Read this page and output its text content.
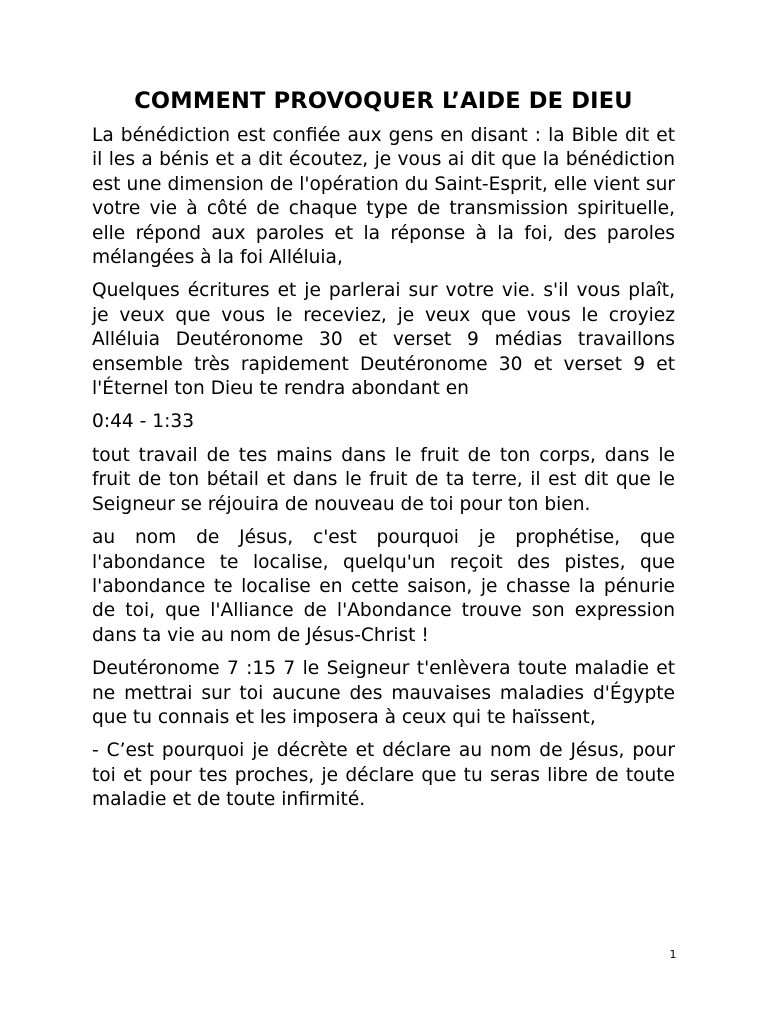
COMMENT PROVOQUER L’AIDE DE DIEU

La bénédiction est confiée aux gens en disant : la Bible dit et il les a bénis et a dit écoutez, je vous ai dit que la bénédiction est une dimension de l'opération du Saint-Esprit, elle vient sur votre vie à côté de chaque type de transmission spirituelle, elle répond aux paroles et la réponse à la foi, des paroles mélangées à la foi Alléluia,

Quelques écritures et je parlerai sur votre vie. s'il vous plaît, je veux que vous le receviez, je veux que vous le croyiez Alléluia Deutéronome 30 et verset 9 médias travaillons ensemble très rapidement Deutéronome 30 et verset 9 et l'Éternel ton Dieu te rendra abondant en

0:44 - 1:33

tout travail de tes mains dans le fruit de ton corps, dans le fruit de ton bétail et dans le fruit de ta terre, il est dit que le Seigneur se réjouira de nouveau de toi pour ton bien.

au nom de Jésus, c'est pourquoi je prophétise, que l'abondance te localise, quelqu'un reçoit des pistes, que l'abondance te localise en cette saison, je chasse la pénurie de toi, que l'Alliance de l'Abondance trouve son expression dans ta vie au nom de Jésus-Christ !

Deutéronome 7 :15 7 le Seigneur t'enlèvera toute maladie et ne mettrai sur toi aucune des mauvaises maladies d'Égypte que tu connais et les imposera à ceux qui te haïssent,

- C’est pourquoi je décrète et déclare au nom de Jésus, pour toi et pour tes proches, je déclare que tu seras libre de toute maladie et de toute infirmité.

1
